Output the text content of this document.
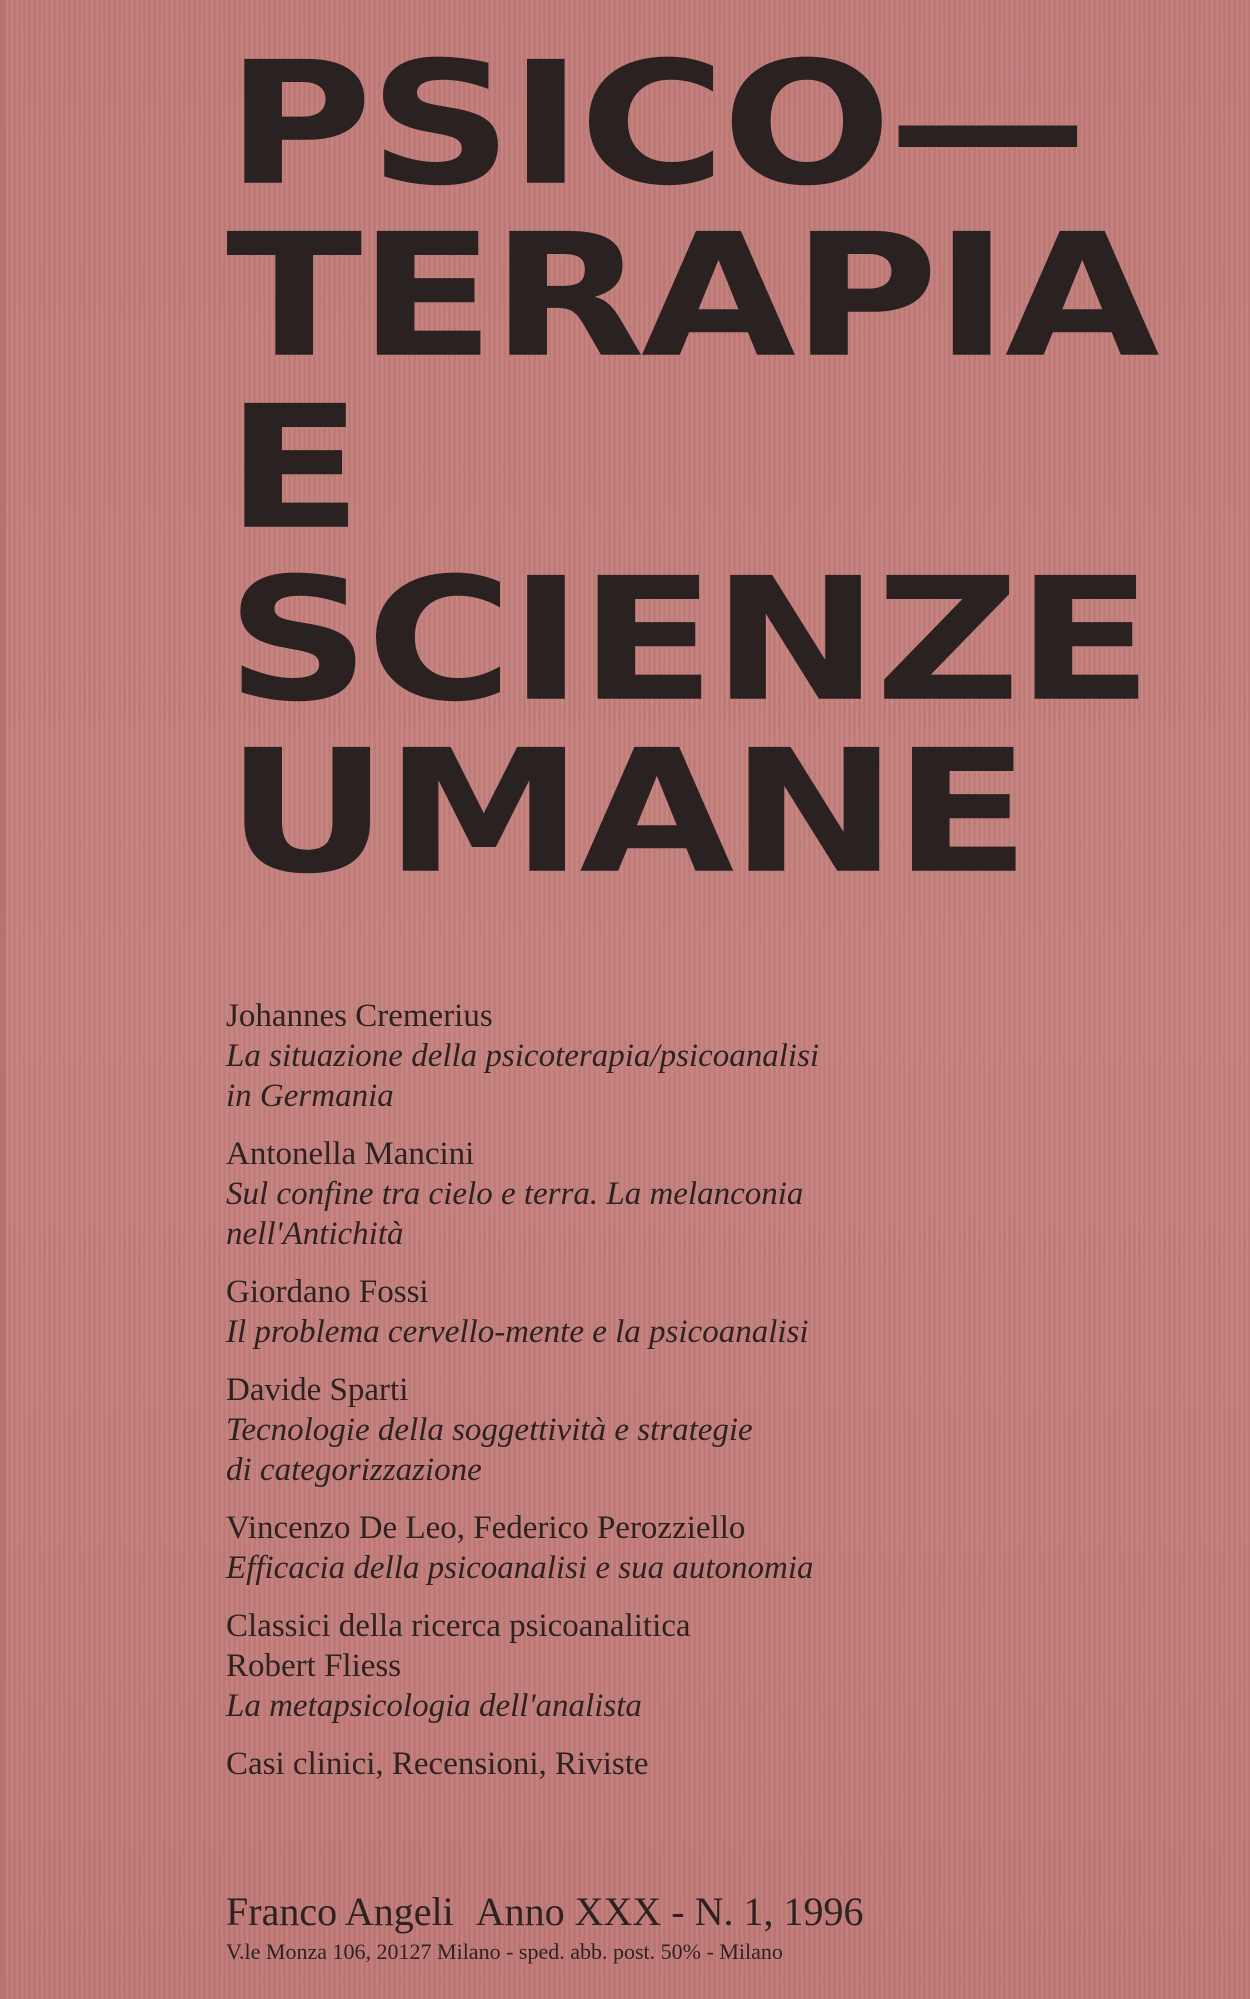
PSICO—
TERAPIA
E
SCIENZE
UMANE
Johannes Cremerius
La situazione della psicoterapia/psicoanalisi
in Germania
Antonella Mancini
Sul confine tra cielo e terra. La melanconia
nell'Antichità
Giordano Fossi
Il problema cervello-mente e la psicoanalisi
Davide Sparti
Tecnologie della soggettività e strategie
di categorizzazione
Vincenzo De Leo, Federico Perozziello
Efficacia della psicoanalisi e sua autonomia
Classici della ricerca psicoanalitica
Robert Fliess
La metapsicologia dell'analista
Casi clinici, Recensioni, Riviste
Franco Angeli Anno XXX - N. 1, 1996
V.le Monza 106, 20127 Milano - sped. abb. post. 50% - Milano
